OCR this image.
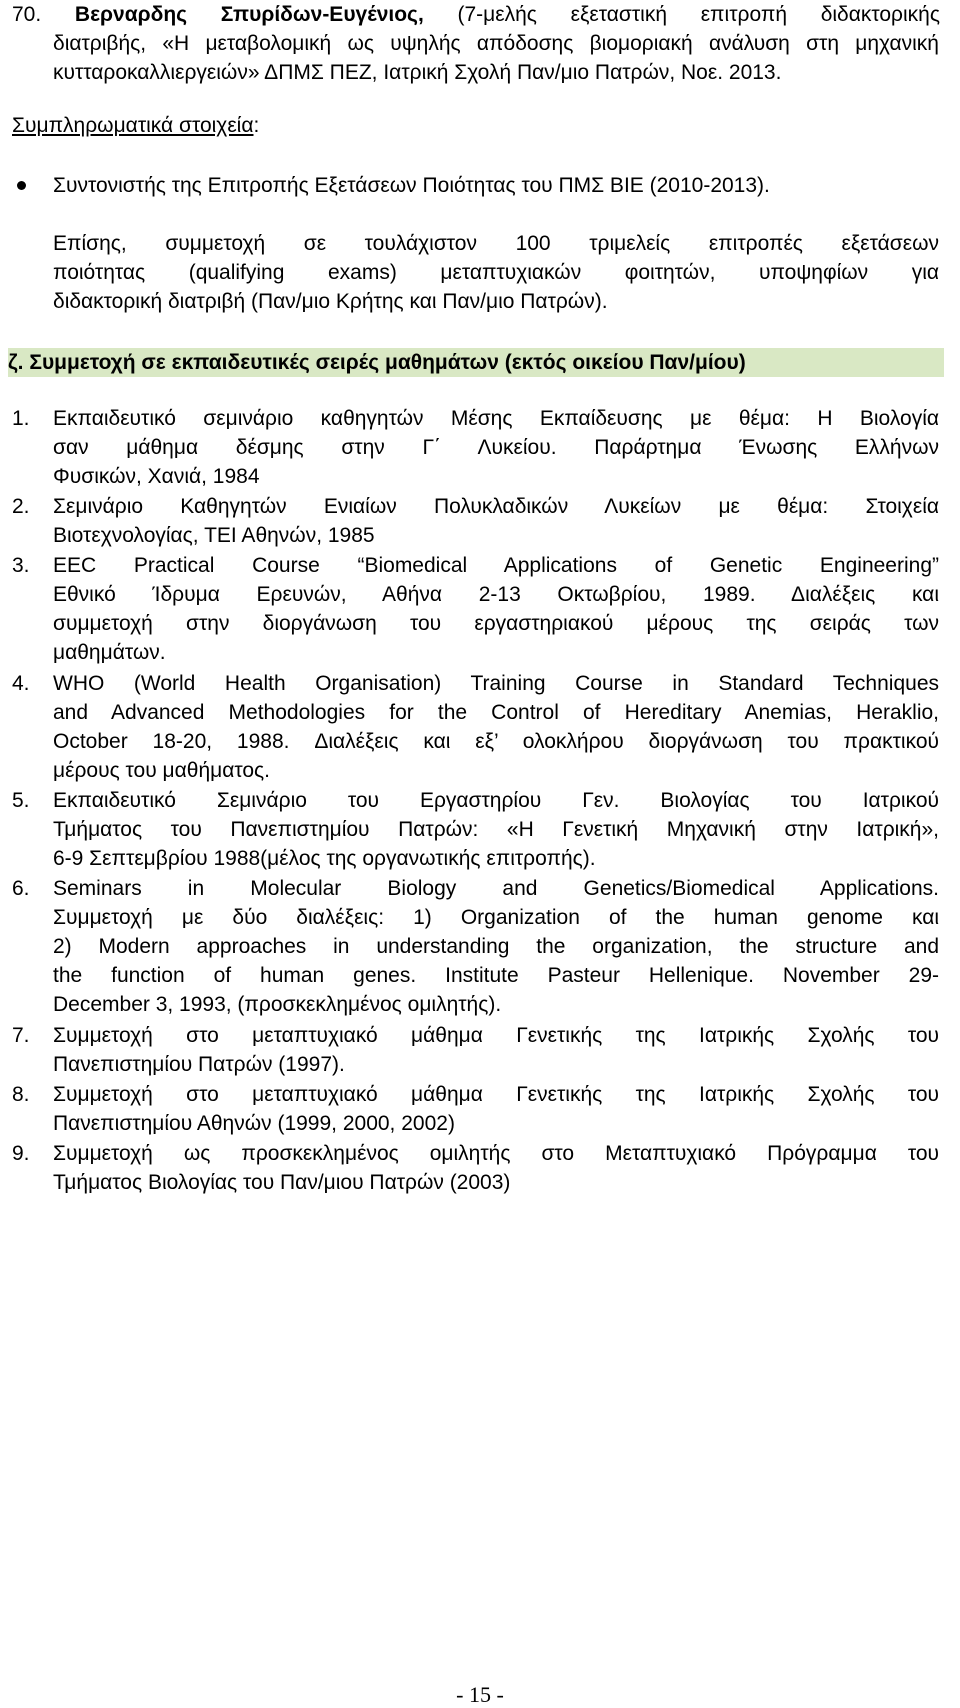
70. Βερναρδης Σπυρίδων-Ευγένιος, (7-μελής εξεταστική επιτροπή διδακτορικής
διατριβής, «Η μεταβολομική ως υψηλής απόδοσης βιομοριακή ανάλυση στη μηχανική
κυτταροκαλλιεργειών» ΔΠΜΣ ΠΕΖ, Ιατρική Σχολή Παν/μιο Πατρών, Νοε. 2013.
Συμπληρωματικά στοιχεία:
Συντονιστής της Επιτροπής Εξετάσεων Ποιότητας του ΠΜΣ ΒΙΕ (2010-2013).
Επίσης, συμμετοχή σε τουλάχιστον 100 τριμελείς επιτροπές εξετάσεων
ποιότητας (qualifying exams) μεταπτυχιακών φοιτητών, υποψηφίων για
διδακτορική διατριβή (Παν/μιο Κρήτης και Παν/μιο Πατρών).
ζ. Συμμετοχή σε εκπαιδευτικές σειρές μαθημάτων (εκτός οικείου Παν/μίου)
1. Εκπαιδευτικό σεμινάριο καθηγητών Μέσης Εκπαίδευσης με θέμα: Η Βιολογία
σαν μάθημα δέσμης στην Γ΄ Λυκείου. Παράρτημα Ένωσης Ελλήνων
Φυσικών, Χανιά, 1984
2. Σεμινάριο Καθηγητών Ενιαίων Πολυκλαδικών Λυκείων με θέμα: Στοιχεία
Βιοτεχνολογίας, ΤΕΙ Αθηνών, 1985
3. EEC Practical Course “Biomedical Applications of Genetic Engineering”
Εθνικό Ίδρυμα Ερευνών, Αθήνα 2-13 Οκτωβρίου, 1989. Διαλέξεις και
συμμετοχή στην διοργάνωση του εργαστηριακού μέρους της σειράς των
μαθημάτων.
4. WHO (World Health Organisation) Training Course in Standard Techniques
and Advanced Methodologies for the Control of Hereditary Anemias, Heraklio,
October 18-20, 1988. Διαλέξεις και εξ’ ολοκλήρου διοργάνωση του πρακτικού
μέρους του μαθήματος.
5. Εκπαιδευτικό Σεμινάριο του Εργαστηρίου Γεν. Βιολογίας του Ιατρικού
Τμήματος του Πανεπιστημίου Πατρών: «Η Γενετική Μηχανική στην Ιατρική»,
6-9 Σεπτεμβρίου 1988(μέλος της οργανωτικής επιτροπής).
6. Seminars in Molecular Biology and Genetics/Biomedical Applications.
Συμμετοχή με δύο διαλέξεις: 1) Organization of the human genome και
2) Modern approaches in understanding the organization, the structure and
the function of human genes. Institute Pasteur Hellenique. November 29-
December 3, 1993, (προσκεκλημένος ομιλητής).
7. Συμμετοχή στο μεταπτυχιακό μάθημα Γενετικής της Ιατρικής Σχολής του
Πανεπιστημίου Πατρών (1997).
8. Συμμετοχή στο μεταπτυχιακό μάθημα Γενετικής της Ιατρικής Σχολής του
Πανεπιστημίου Αθηνών (1999, 2000, 2002)
9. Συμμετοχή ως προσκεκλημένος ομιλητής στο Μεταπτυχιακό Πρόγραμμα του
Τμήματος Βιολογίας του Παν/μιου Πατρών (2003)
- 15 -
